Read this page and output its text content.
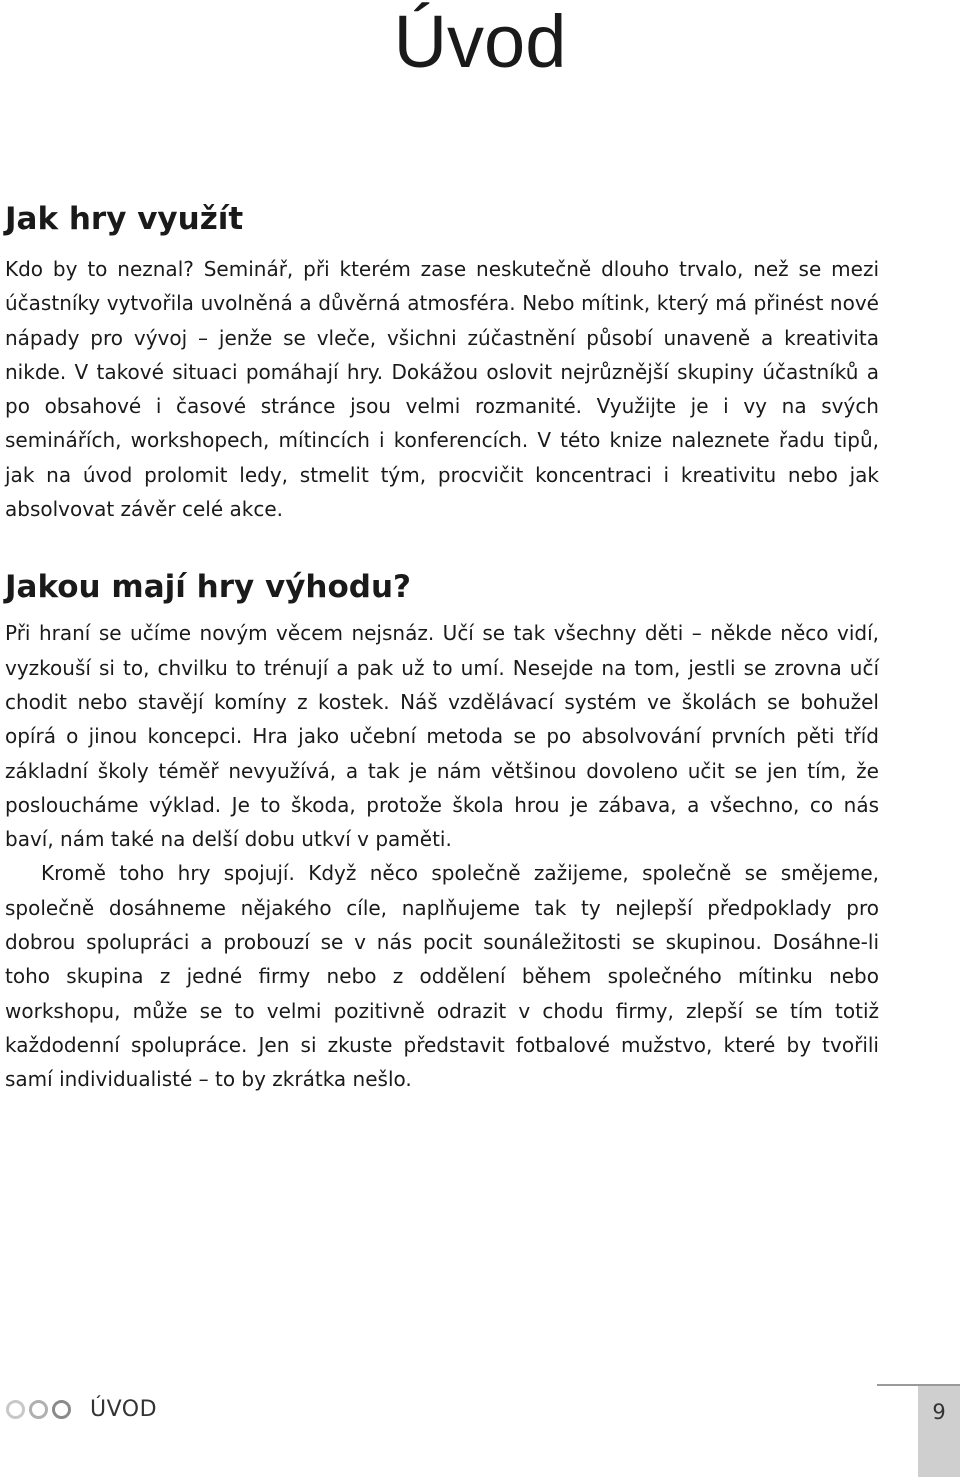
Úvod
Jak hry využít

Kdo by to neznal? Seminář, při kterém zase neskutečně dlouho trvalo, než se mezi účastníky vytvořila uvolněná a důvěrná atmosféra. Nebo mítink, který má přinést nové nápady pro vývoj – jenže se vleče, všichni zúčastnění působí unaveně a kreativita nikde. V takové situaci pomáhají hry. Dokážou oslovit nejrůznější skupiny účastníků a po obsahové i časové stránce jsou velmi rozmanité. Využijte je i vy na svých seminářích, workshopech, mítincích i konferencích. V této knize naleznete řadu tipů, jak na úvod prolomit ledy, stmelit tým, procvičit koncentraci i kreativitu nebo jak absolvovat závěr celé akce.

Jakou mají hry výhodu?

Při hraní se učíme novým věcem nejsnáz. Učí se tak všechny děti – někde něco vidí, vyzkouší si to, chvilku to trénují a pak už to umí. Nesejde na tom, jestli se zrovna učí chodit nebo stavějí komíny z kostek. Náš vzdělávací systém ve školách se bohužel opírá o jinou koncepci. Hra jako učební metoda se po absolvování prvních pěti tříd základní školy téměř nevyužívá, a tak je nám většinou dovoleno učit se jen tím, že posloucháme výklad. Je to škoda, protože škola hrou je zábava, a všechno, co nás baví, nám také na delší dobu utkví v paměti.

Kromě toho hry spojují. Když něco společně zažijeme, společně se smějeme, společně dosáhneme nějakého cíle, naplňujeme tak ty nejlepší předpoklady pro dobrou spolupráci a probouzí se v nás pocit sounáležitosti se skupinou. Dosáhne-li toho skupina z jedné firmy nebo z oddělení během společného mítinku nebo workshopu, může se to velmi pozitivně odrazit v chodu firmy, zlepší se tím totiž každodenní spolupráce. Jen si zkuste představit fotbalové mužstvo, které by tvořili samí individualisté – to by zkrátka nešlo.

ÚVOD	9
